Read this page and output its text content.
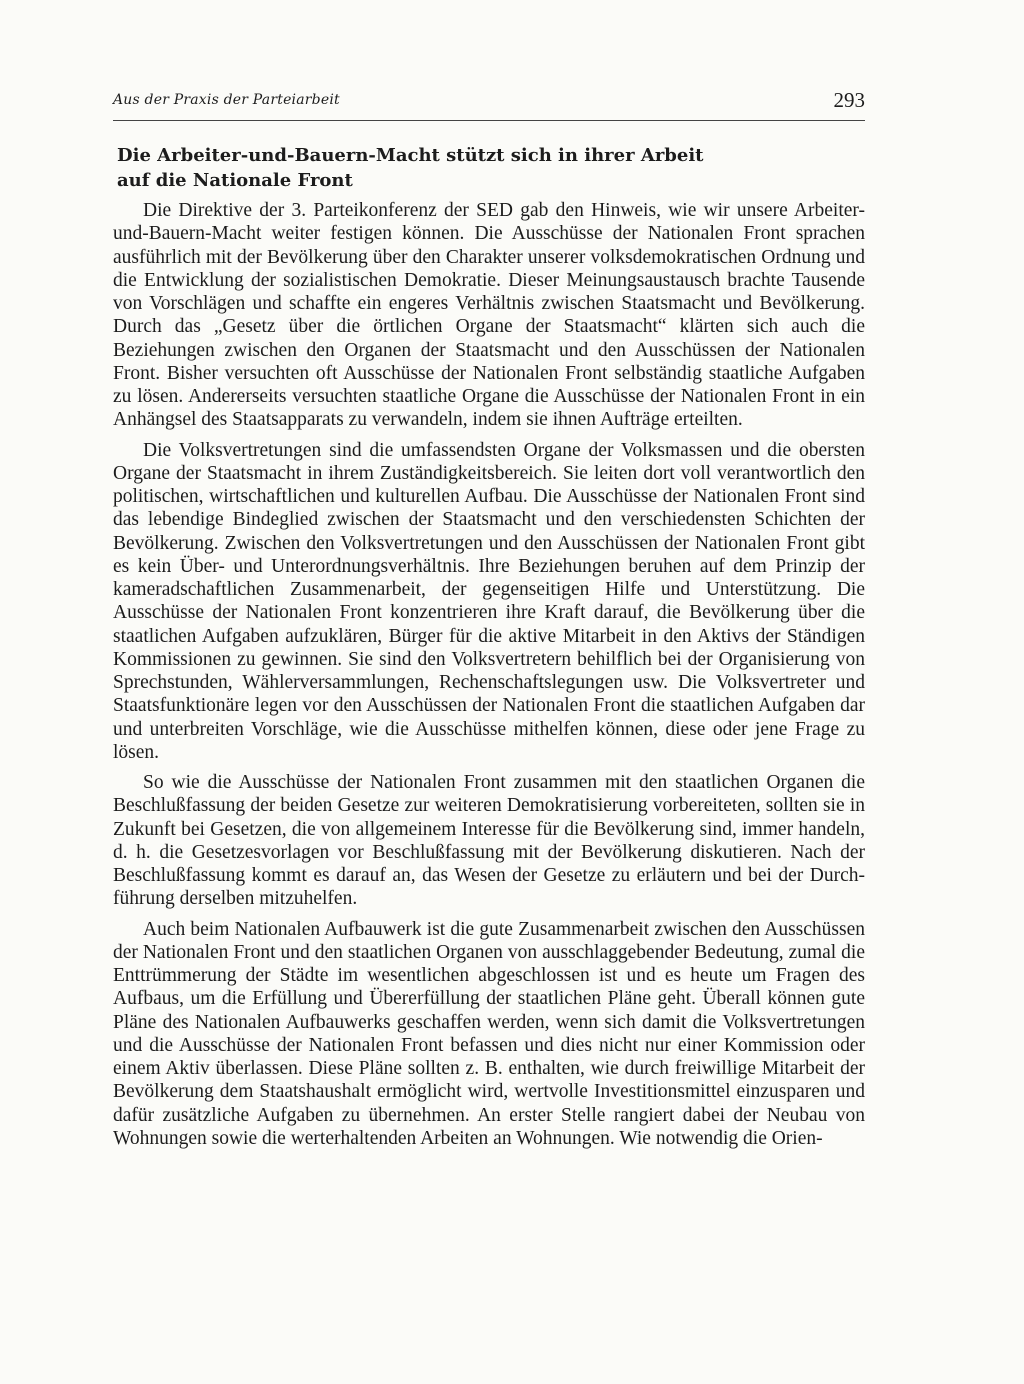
Aus der Praxis der Parteiarbeit	293
Die Arbeiter-und-Bauern-Macht stützt sich in ihrer Arbeit
auf die Nationale Front

Die Direktive der 3. Parteikonferenz der SED gab den Hinweis, wie wir unsere Arbeiter-und-Bauern-Macht weiter festigen können. Die Ausschüsse der Nationalen Front sprachen ausführlich mit der Bevölkerung über den Charakter unserer volksdemokratischen Ordnung und die Entwicklung der sozialistischen Demokratie. Dieser Meinungsaustausch brachte Tausende von Vorschlägen und schaffte ein engeres Verhältnis zwischen Staatsmacht und Bevölkerung. Durch das „Gesetz über die örtlichen Organe der Staatsmacht“ klärten sich auch die Beziehungen zwischen den Organen der Staatsmacht und den Ausschüssen der Nationalen Front. Bisher versuchten oft Ausschüsse der Nationalen Front selbständig staatliche Aufgaben zu lösen. Andererseits versuchten staatliche Organe die Ausschüsse der Nationalen Front in ein Anhängsel des Staatsapparats zu verwandeln, indem sie ihnen Aufträge erteilten.

Die Volksvertretungen sind die umfassendsten Organe der Volksmassen und die obersten Organe der Staatsmacht in ihrem Zuständigkeitsbereich. Sie leiten dort voll verantwortlich den politischen, wirtschaftlichen und kulturellen Aufbau. Die Ausschüsse der Nationalen Front sind das lebendige Bindeglied zwischen der Staatsmacht und den verschiedensten Schichten der Bevölkerung. Zwischen den Volksvertretungen und den Ausschüssen der Nationalen Front gibt es kein Über- und Unterordnungsverhältnis. Ihre Beziehungen beruhen auf dem Prinzip der kameradschaftlichen Zusammenarbeit, der gegenseitigen Hilfe und Unterstützung. Die Ausschüsse der Nationalen Front konzentrieren ihre Kraft darauf, die Bevölkerung über die staatlichen Aufgaben aufzuklären, Bürger für die aktive Mitarbeit in den Aktivs der Ständigen Kommissionen zu gewinnen. Sie sind den Volksvertretern behilflich bei der Organisierung von Sprechstunden, Wählerversammlungen, Rechenschaftslegungen usw. Die Volksvertreter und Staatsfunktionäre legen vor den Ausschüssen der Nationalen Front die staatlichen Aufgaben dar und unterbreiten Vorschläge, wie die Ausschüsse mithelfen können, diese oder jene Frage zu lösen.

So wie die Ausschüsse der Nationalen Front zusammen mit den staatlichen Organen die Beschlußfassung der beiden Gesetze zur weiteren Demokratisierung vorbereiteten, sollten sie in Zukunft bei Gesetzen, die von allgemeinem Interesse für die Bevölkerung sind, immer handeln, d. h. die Gesetzesvorlagen vor Beschlußfassung mit der Bevölkerung diskutieren. Nach der Beschlußfassung kommt es darauf an, das Wesen der Gesetze zu erläutern und bei der Durchführung derselben mitzuhelfen.

Auch beim Nationalen Aufbauwerk ist die gute Zusammenarbeit zwischen den Ausschüssen der Nationalen Front und den staatlichen Organen von ausschlaggebender Bedeutung, zumal die Enttrümmerung der Städte im wesentlichen abgeschlossen ist und es heute um Fragen des Aufbaus, um die Erfüllung und Übererfüllung der staatlichen Pläne geht. Überall können gute Pläne des Nationalen Aufbauwerks geschaffen werden, wenn sich damit die Volksvertretungen und die Ausschüsse der Nationalen Front befassen und dies nicht nur einer Kommission oder einem Aktiv überlassen. Diese Pläne sollten z. B. enthalten, wie durch freiwillige Mitarbeit der Bevölkerung dem Staatshaushalt ermöglicht wird, wertvolle Investitionsmittel einzusparen und dafür zusätzliche Aufgaben zu übernehmen. An erster Stelle rangiert dabei der Neubau von Wohnungen sowie die werterhaltenden Arbeiten an Wohnungen. Wie notwendig die Orien-
